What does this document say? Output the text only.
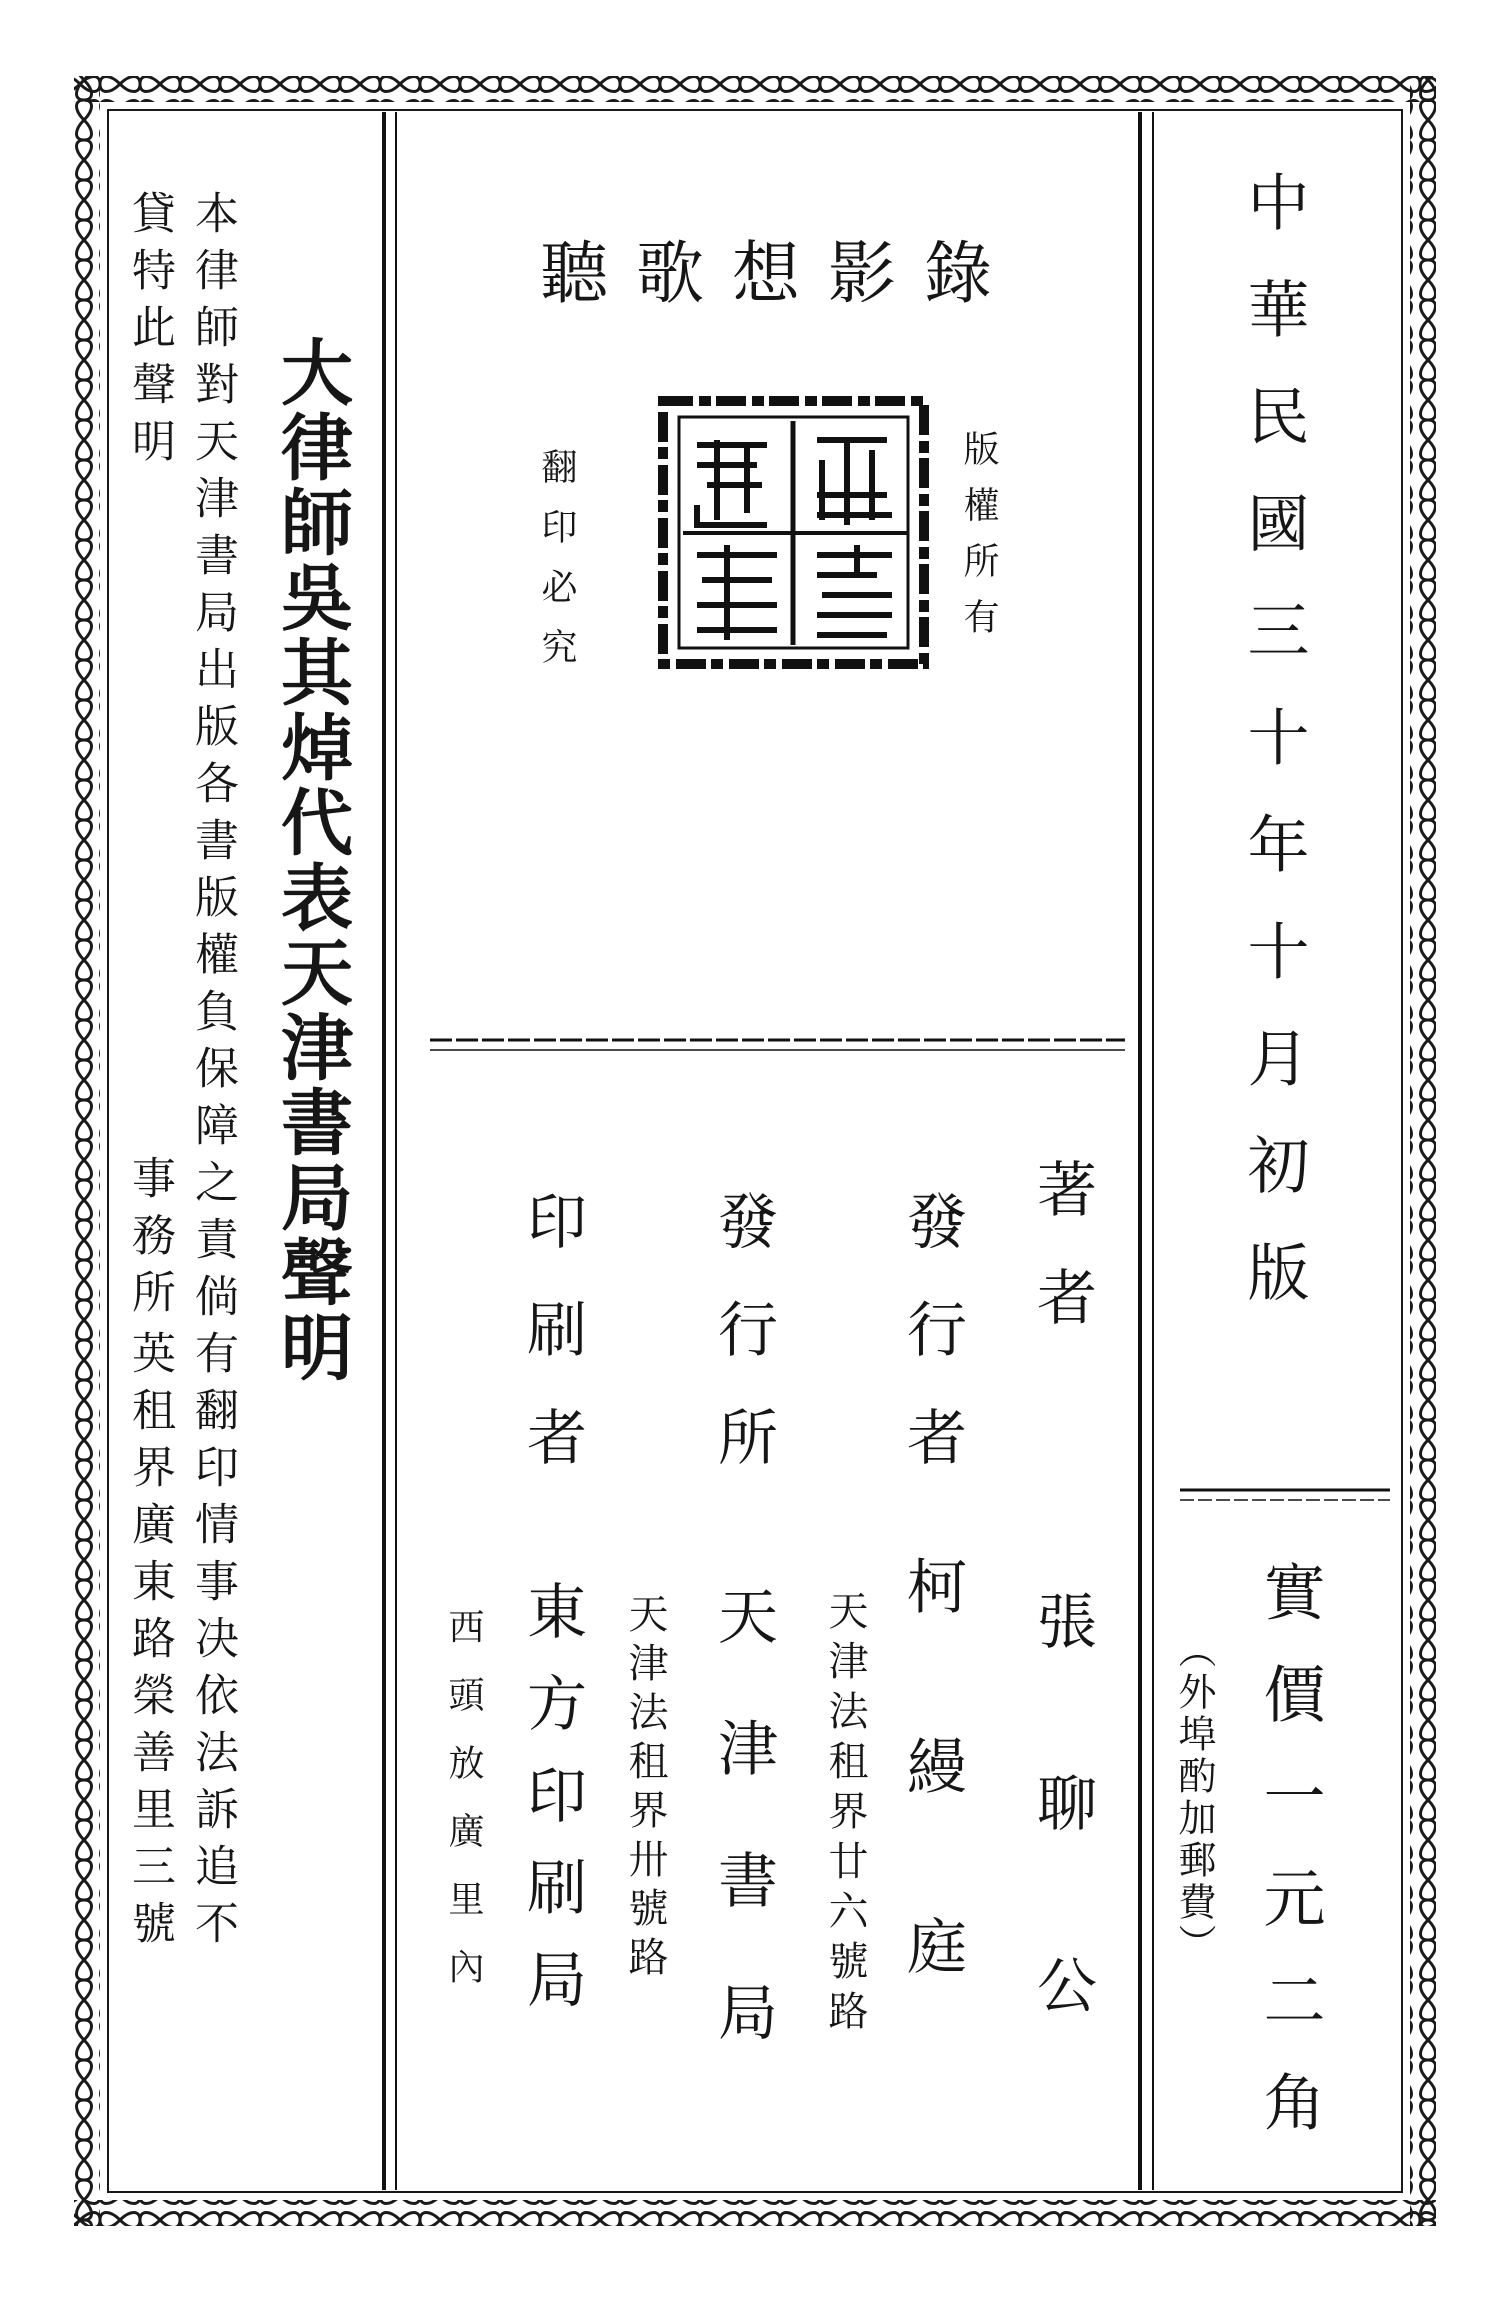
大律師吳其焯代表天津書局聲明
本律師對天津書局出版各書版權負保障之責倘有翻印情事决依法訴追不
貸特此聲明
事務所
英租界廣東路榮善里三號
聽歌想影錄
版權所有
翻印必究
著者
張聊公
發行者
柯縵庭
天津法租界廿六號路
發行所
天津書局
天津法租界卅號路
印刷者
東方印刷局
西頭放廣里內
中華民國三十年十月初版
實價一元二角
（外埠酌加郵費）
